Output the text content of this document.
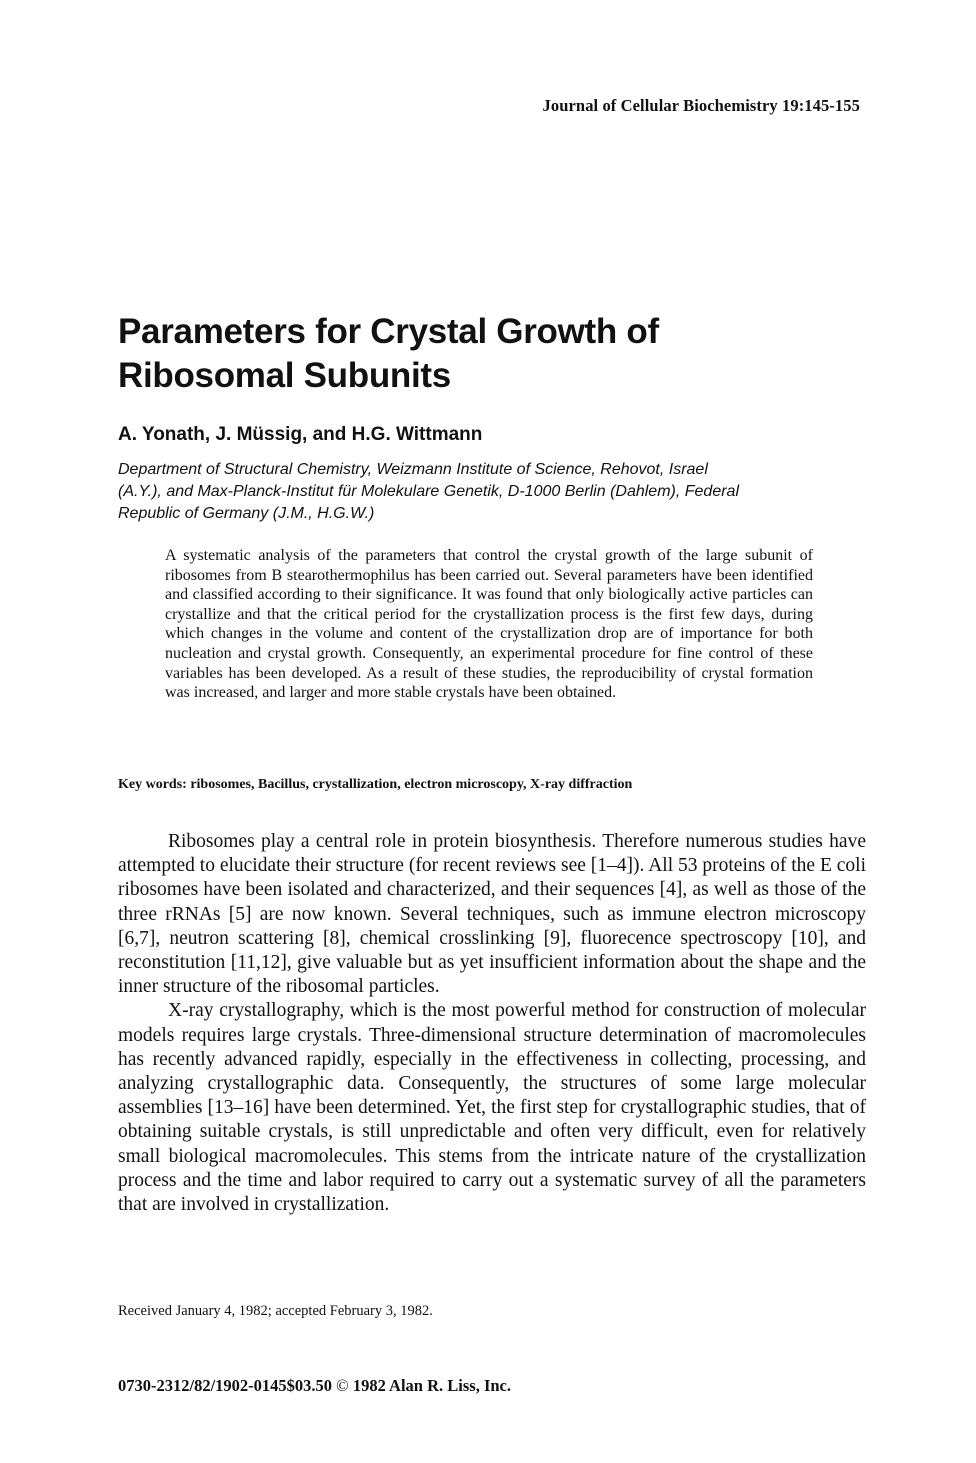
Journal of Cellular Biochemistry 19:145-155
Parameters for Crystal Growth of
Ribosomal Subunits
A. Yonath, J. Müssig, and H.G. Wittmann
Department of Structural Chemistry, Weizmann Institute of Science, Rehovot, Israel
(A.Y.), and Max-Planck-Institut für Molekulare Genetik, D-1000 Berlin (Dahlem), Federal
Republic of Germany (J.M., H.G.W.)

A systematic analysis of the parameters that control the crystal growth of the large subunit of ribosomes from B stearothermophilus has been carried out. Several parameters have been identified and classified according to their significance. It was found that only biologically active particles can crystallize and that the critical period for the crystallization process is the first few days, during which changes in the volume and content of the crystallization drop are of importance for both nucleation and crystal growth. Consequently, an experimental procedure for fine control of these variables has been developed. As a result of these studies, the reproducibility of crystal formation was increased, and larger and more stable crystals have been obtained.

Key words: ribosomes, Bacillus, crystallization, electron microscopy, X-ray diffraction

Ribosomes play a central role in protein biosynthesis. Therefore numerous studies have attempted to elucidate their structure (for recent reviews see [1–4]). All 53 proteins of the E coli ribosomes have been isolated and characterized, and their sequences [4], as well as those of the three rRNAs [5] are now known. Several techniques, such as immune electron microscopy [6,7], neutron scattering [8], chemical crosslinking [9], fluorecence spectroscopy [10], and reconstitution [11,12], give valuable but as yet insufficient information about the shape and the inner structure of the ribosomal particles.

X-ray crystallography, which is the most powerful method for construction of molecular models requires large crystals. Three-dimensional structure determination of macromolecules has recently advanced rapidly, especially in the effectiveness in collecting, processing, and analyzing crystallographic data. Consequently, the structures of some large molecular assemblies [13–16] have been determined. Yet, the first step for crystallographic studies, that of obtaining suitable crystals, is still unpredictable and often very difficult, even for relatively small biological macromolecules. This stems from the intricate nature of the crystallization process and the time and labor required to carry out a systematic survey of all the parameters that are involved in crystallization.

Received January 4, 1982; accepted February 3, 1982.
0730-2312/82/1902-0145$03.50 © 1982 Alan R. Liss, Inc.
